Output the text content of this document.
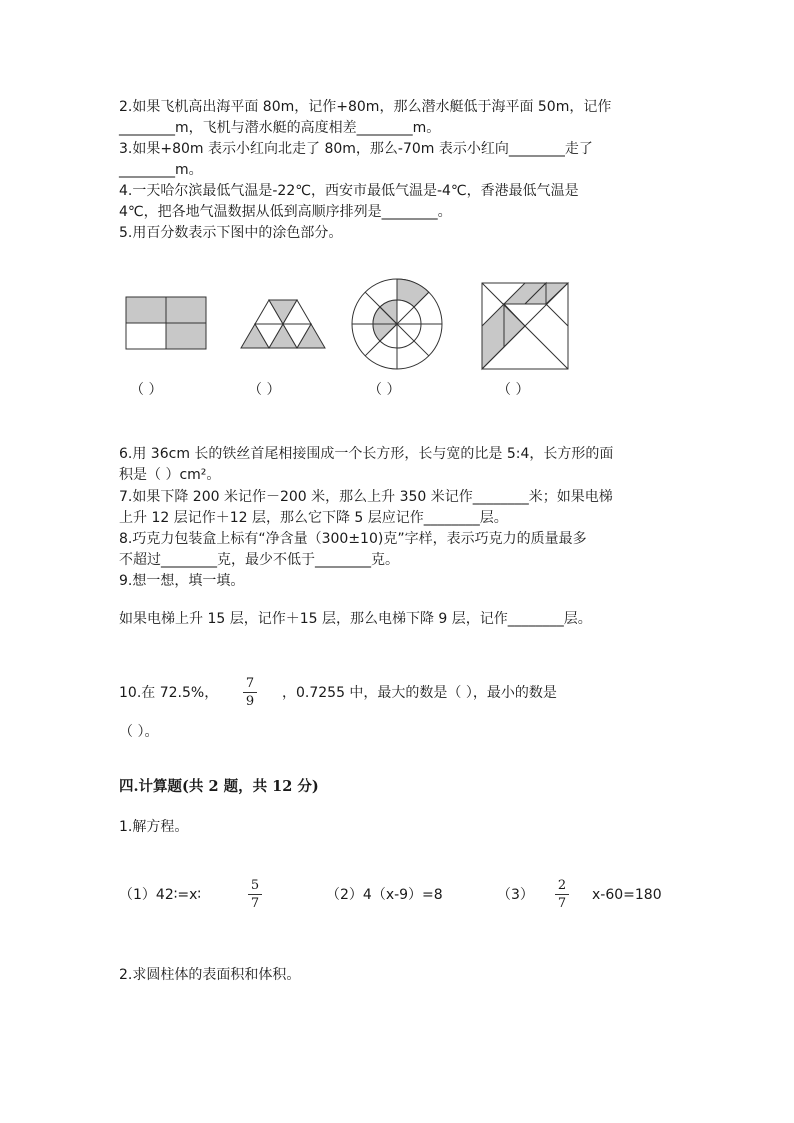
2.如果飞机高出海平面 80m，记作+80m，那么潜水艇低于海平面 50m，记作
________m，飞机与潜水艇的高度相差________m。
3.如果+80m 表示小红向北走了 80m，那么-70m 表示小红向________走了
________m。
4.一天哈尔滨最低气温是-22℃，西安市最低气温是-4℃，香港最低气温是
4℃，把各地气温数据从低到高顺序排列是________。
5.用百分数表示下图中的涂色部分。
（ ）	（ ）	（ ）	（ ）
6.用 36cm 长的铁丝首尾相接围成一个长方形，长与宽的比是 5:4，长方形的面
积是（ ）cm²。
7.如果下降 200 米记作－200 米，那么上升 350 米记作________米；如果电梯
上升 12 层记作＋12 层，那么它下降 5 层应记作________层。
8.巧克力包装盒上标有“净含量（300±10)克”字样，表示巧克力的质量最多
不超过________克，最少不低于________克。
9.想一想，填一填。
如果电梯上升 15 层，记作＋15 层，那么电梯下降 9 层，记作________层。
10.在 72.5%，
7
9
，0.7255 中，最大的数是（ ），最小的数是
（ ）。
四.计算题(共 2 题，共 12 分)
1.解方程。
（1）42∶=x∶
5
7
（2）4（x-9）=8	（3）
2
7
x-60=180
2.求圆柱体的表面积和体积。
